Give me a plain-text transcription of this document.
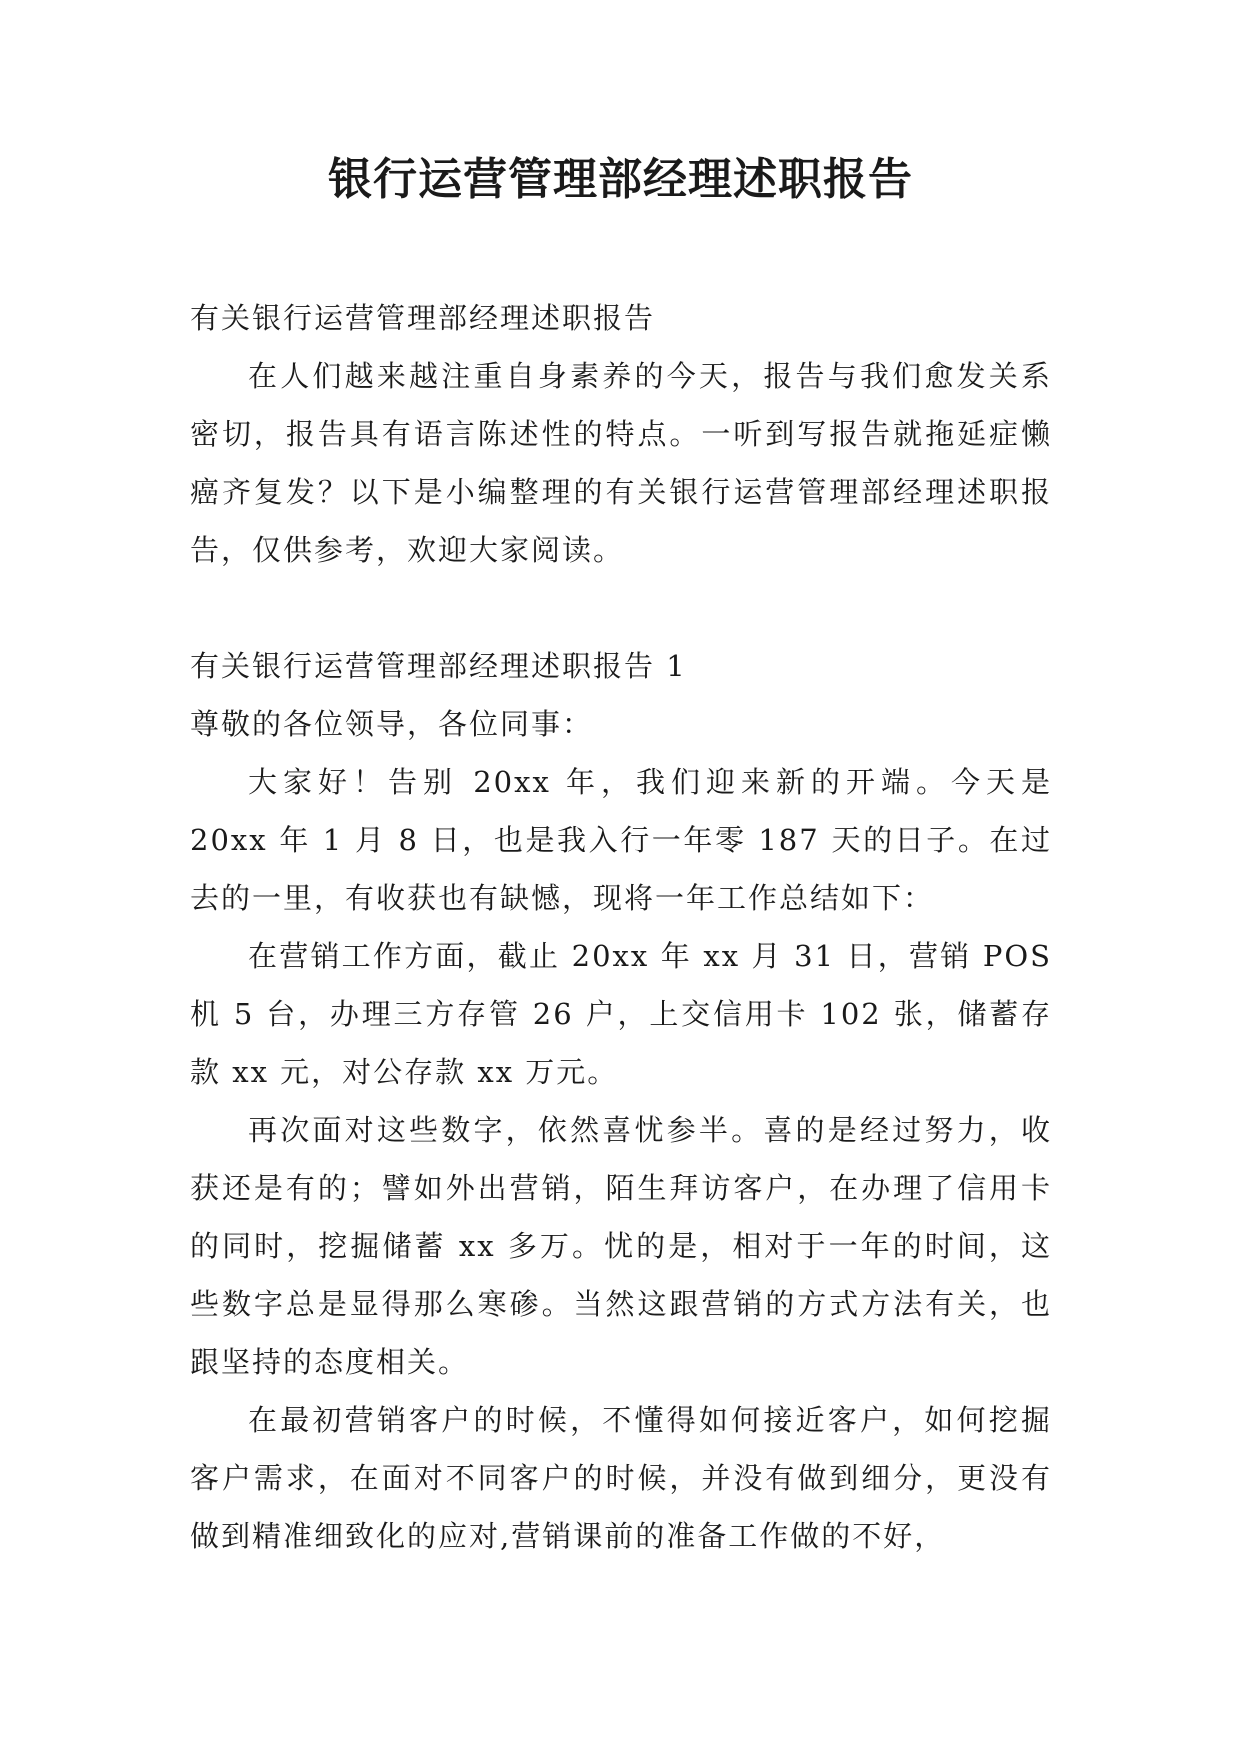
银行运营管理部经理述职报告

有关银行运营管理部经理述职报告

在人们越来越注重自身素养的今天，报告与我们愈发关系密切，报告具有语言陈述性的特点。一听到写报告就拖延症懒癌齐复发？以下是小编整理的有关银行运营管理部经理述职报告，仅供参考，欢迎大家阅读。

有关银行运营管理部经理述职报告 1

尊敬的各位领导，各位同事：

大家好！告别 20xx 年，我们迎来新的开端。今天是 20xx 年 1 月 8 日，也是我入行一年零 187 天的日子。在过去的一里，有收获也有缺憾，现将一年工作总结如下：

在营销工作方面，截止 20xx 年 xx 月 31 日，营销 POS 机 5 台，办理三方存管 26 户，上交信用卡 102 张，储蓄存款 xx 元，对公存款 xx 万元。

再次面对这些数字，依然喜忧参半。喜的是经过努力，收获还是有的；譬如外出营销，陌生拜访客户，在办理了信用卡的同时，挖掘储蓄 xx 多万。忧的是，相对于一年的时间，这些数字总是显得那么寒碜。当然这跟营销的方式方法有关，也跟坚持的态度相关。

在最初营销客户的时候，不懂得如何接近客户，如何挖掘客户需求，在面对不同客户的时候，并没有做到细分，更没有做到精准细致化的应对,营销课前的准备工作做的不好，
